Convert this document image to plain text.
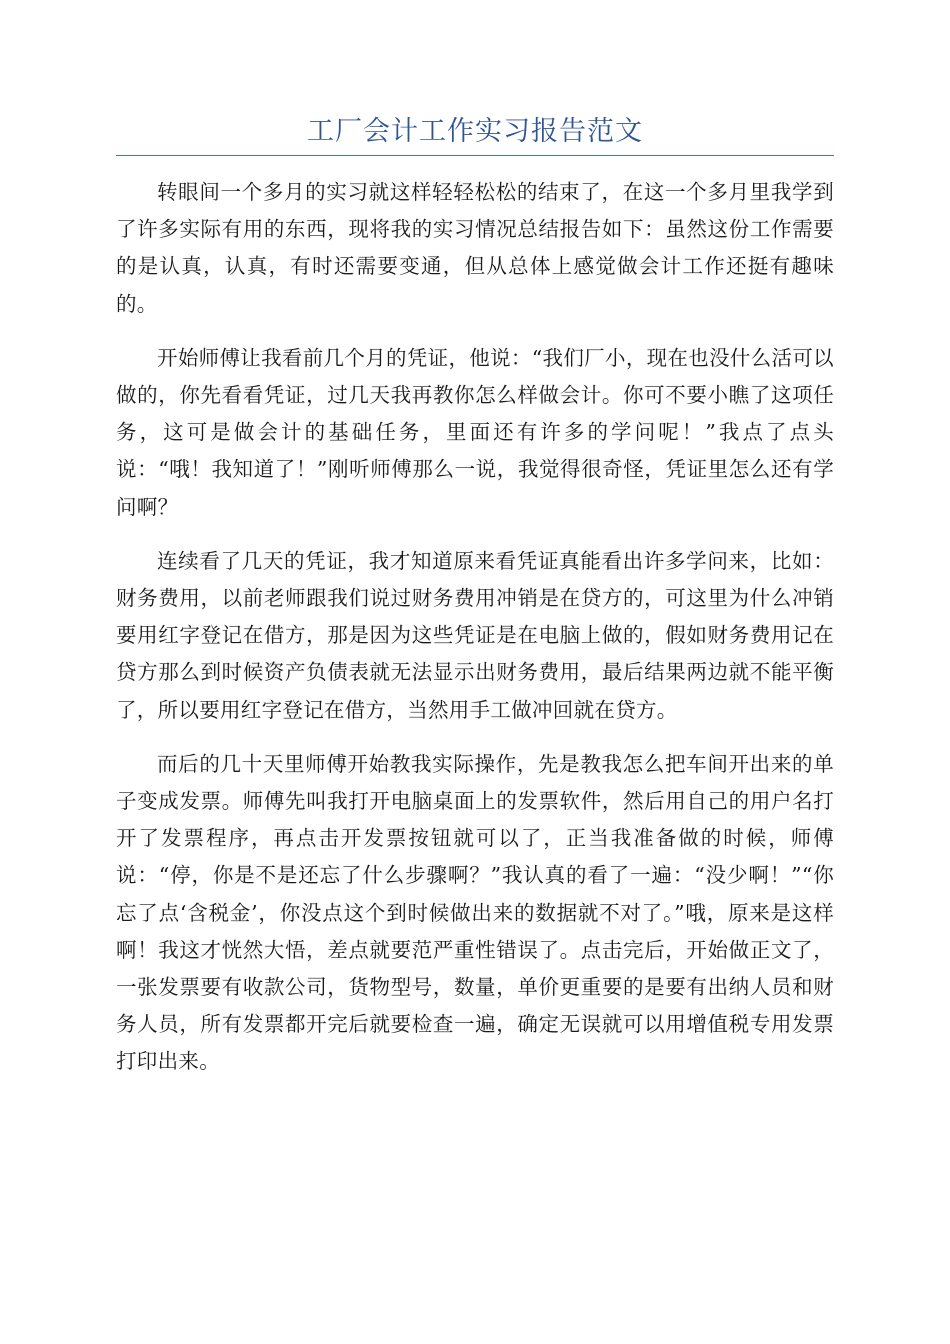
工厂会计工作实习报告范文

转眼间一个多月的实习就这样轻轻松松的结束了，在这一个多月里我学到了许多实际有用的东西，现将我的实习情况总结报告如下：虽然这份工作需要的是认真，认真，有时还需要变通，但从总体上感觉做会计工作还挺有趣味的。

开始师傅让我看前几个月的凭证，他说：“我们厂小，现在也没什么活可以做的，你先看看凭证，过几天我再教你怎么样做会计。你可不要小瞧了这项任务，这可是做会计的基础任务，里面还有许多的学问呢！”我点了点头说：“哦！我知道了！”刚听师傅那么一说，我觉得很奇怪，凭证里怎么还有学问啊？

连续看了几天的凭证，我才知道原来看凭证真能看出许多学问来，比如：财务费用，以前老师跟我们说过财务费用冲销是在贷方的，可这里为什么冲销要用红字登记在借方，那是因为这些凭证是在电脑上做的，假如财务费用记在贷方那么到时候资产负债表就无法显示出财务费用，最后结果两边就不能平衡了，所以要用红字登记在借方，当然用手工做冲回就在贷方。

而后的几十天里师傅开始教我实际操作，先是教我怎么把车间开出来的单子变成发票。师傅先叫我打开电脑桌面上的发票软件，然后用自己的用户名打开了发票程序，再点击开发票按钮就可以了，正当我准备做的时候，师傅说：“停，你是不是还忘了什么步骤啊？”我认真的看了一遍：“没少啊！”“你忘了点‘含税金’，你没点这个到时候做出来的数据就不对了。”哦，原来是这样啊！我这才恍然大悟，差点就要范严重性错误了。点击完后，开始做正文了，一张发票要有收款公司，货物型号，数量，单价更重要的是要有出纳人员和财务人员，所有发票都开完后就要检查一遍，确定无误就可以用增值税专用发票打印出来。
